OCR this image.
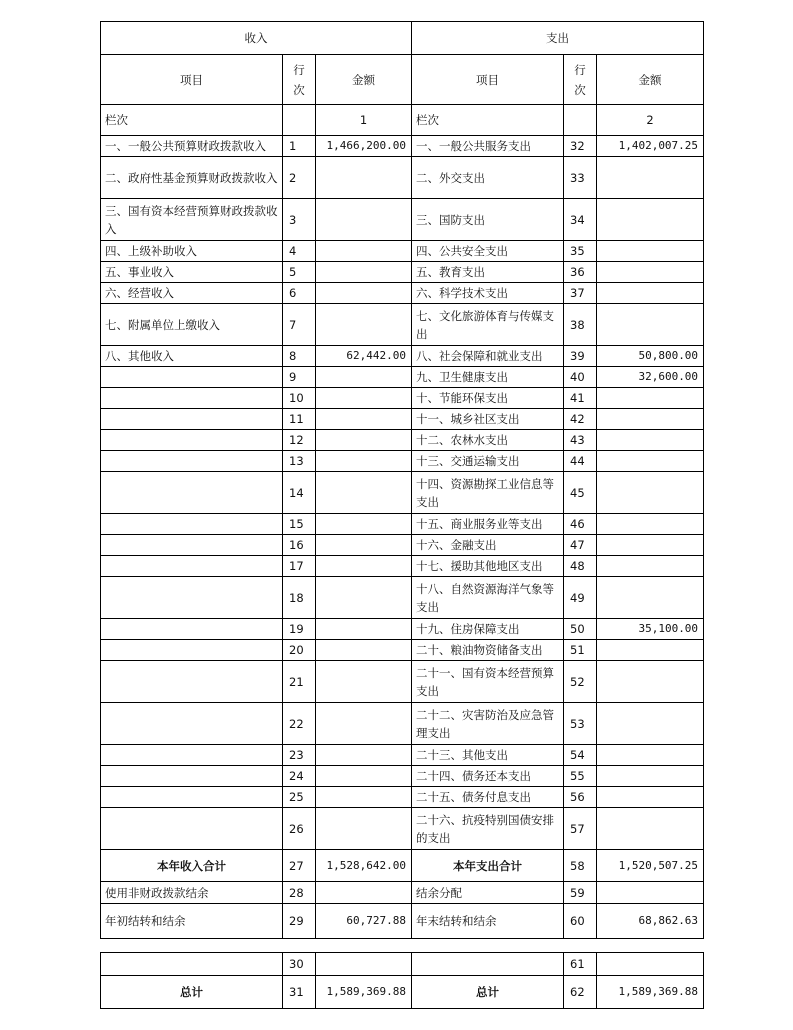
收入			支出		
项目	行次	金额	项目	行次	金额
栏次		1	栏次		2
一、一般公共预算财政拨款收入	1	1,466,200.00	一、一般公共服务支出	32	1,402,007.25
二、政府性基金预算财政拨款收入	2		二、外交支出	33	
三、国有资本经营预算财政拨款收入	3		三、国防支出	34	
四、上级补助收入	4		四、公共安全支出	35	
五、事业收入	5		五、教育支出	36	
六、经营收入	6		六、科学技术支出	37	
七、附属单位上缴收入	7		七、文化旅游体育与传媒支出	38	
八、其他收入	8	62,442.00	八、社会保障和就业支出	39	50,800.00
	9		九、卫生健康支出	40	32,600.00
	10		十、节能环保支出	41	
	11		十一、城乡社区支出	42	
	12		十二、农林水支出	43	
	13		十三、交通运输支出	44	
	14		十四、资源勘探工业信息等支出	45	
	15		十五、商业服务业等支出	46	
	16		十六、金融支出	47	
	17		十七、援助其他地区支出	48	
	18		十八、自然资源海洋气象等支出	49	
	19		十九、住房保障支出	50	35,100.00
	20		二十、粮油物资储备支出	51	
	21		二十一、国有资本经营预算支出	52	
	22		二十二、灾害防治及应急管理支出	53	
	23		二十三、其他支出	54	
	24		二十四、债务还本支出	55	
	25		二十五、债务付息支出	56	
	26		二十六、抗疫特别国债安排的支出	57	
本年收入合计	27	1,528,642.00	本年支出合计	58	1,520,507.25
使用非财政拨款结余	28		结余分配	59	
年初结转和结余	29	60,727.88	年末结转和结余	60	68,862.63
	30			61	
总计	31	1,589,369.88	总计	62	1,589,369.88
